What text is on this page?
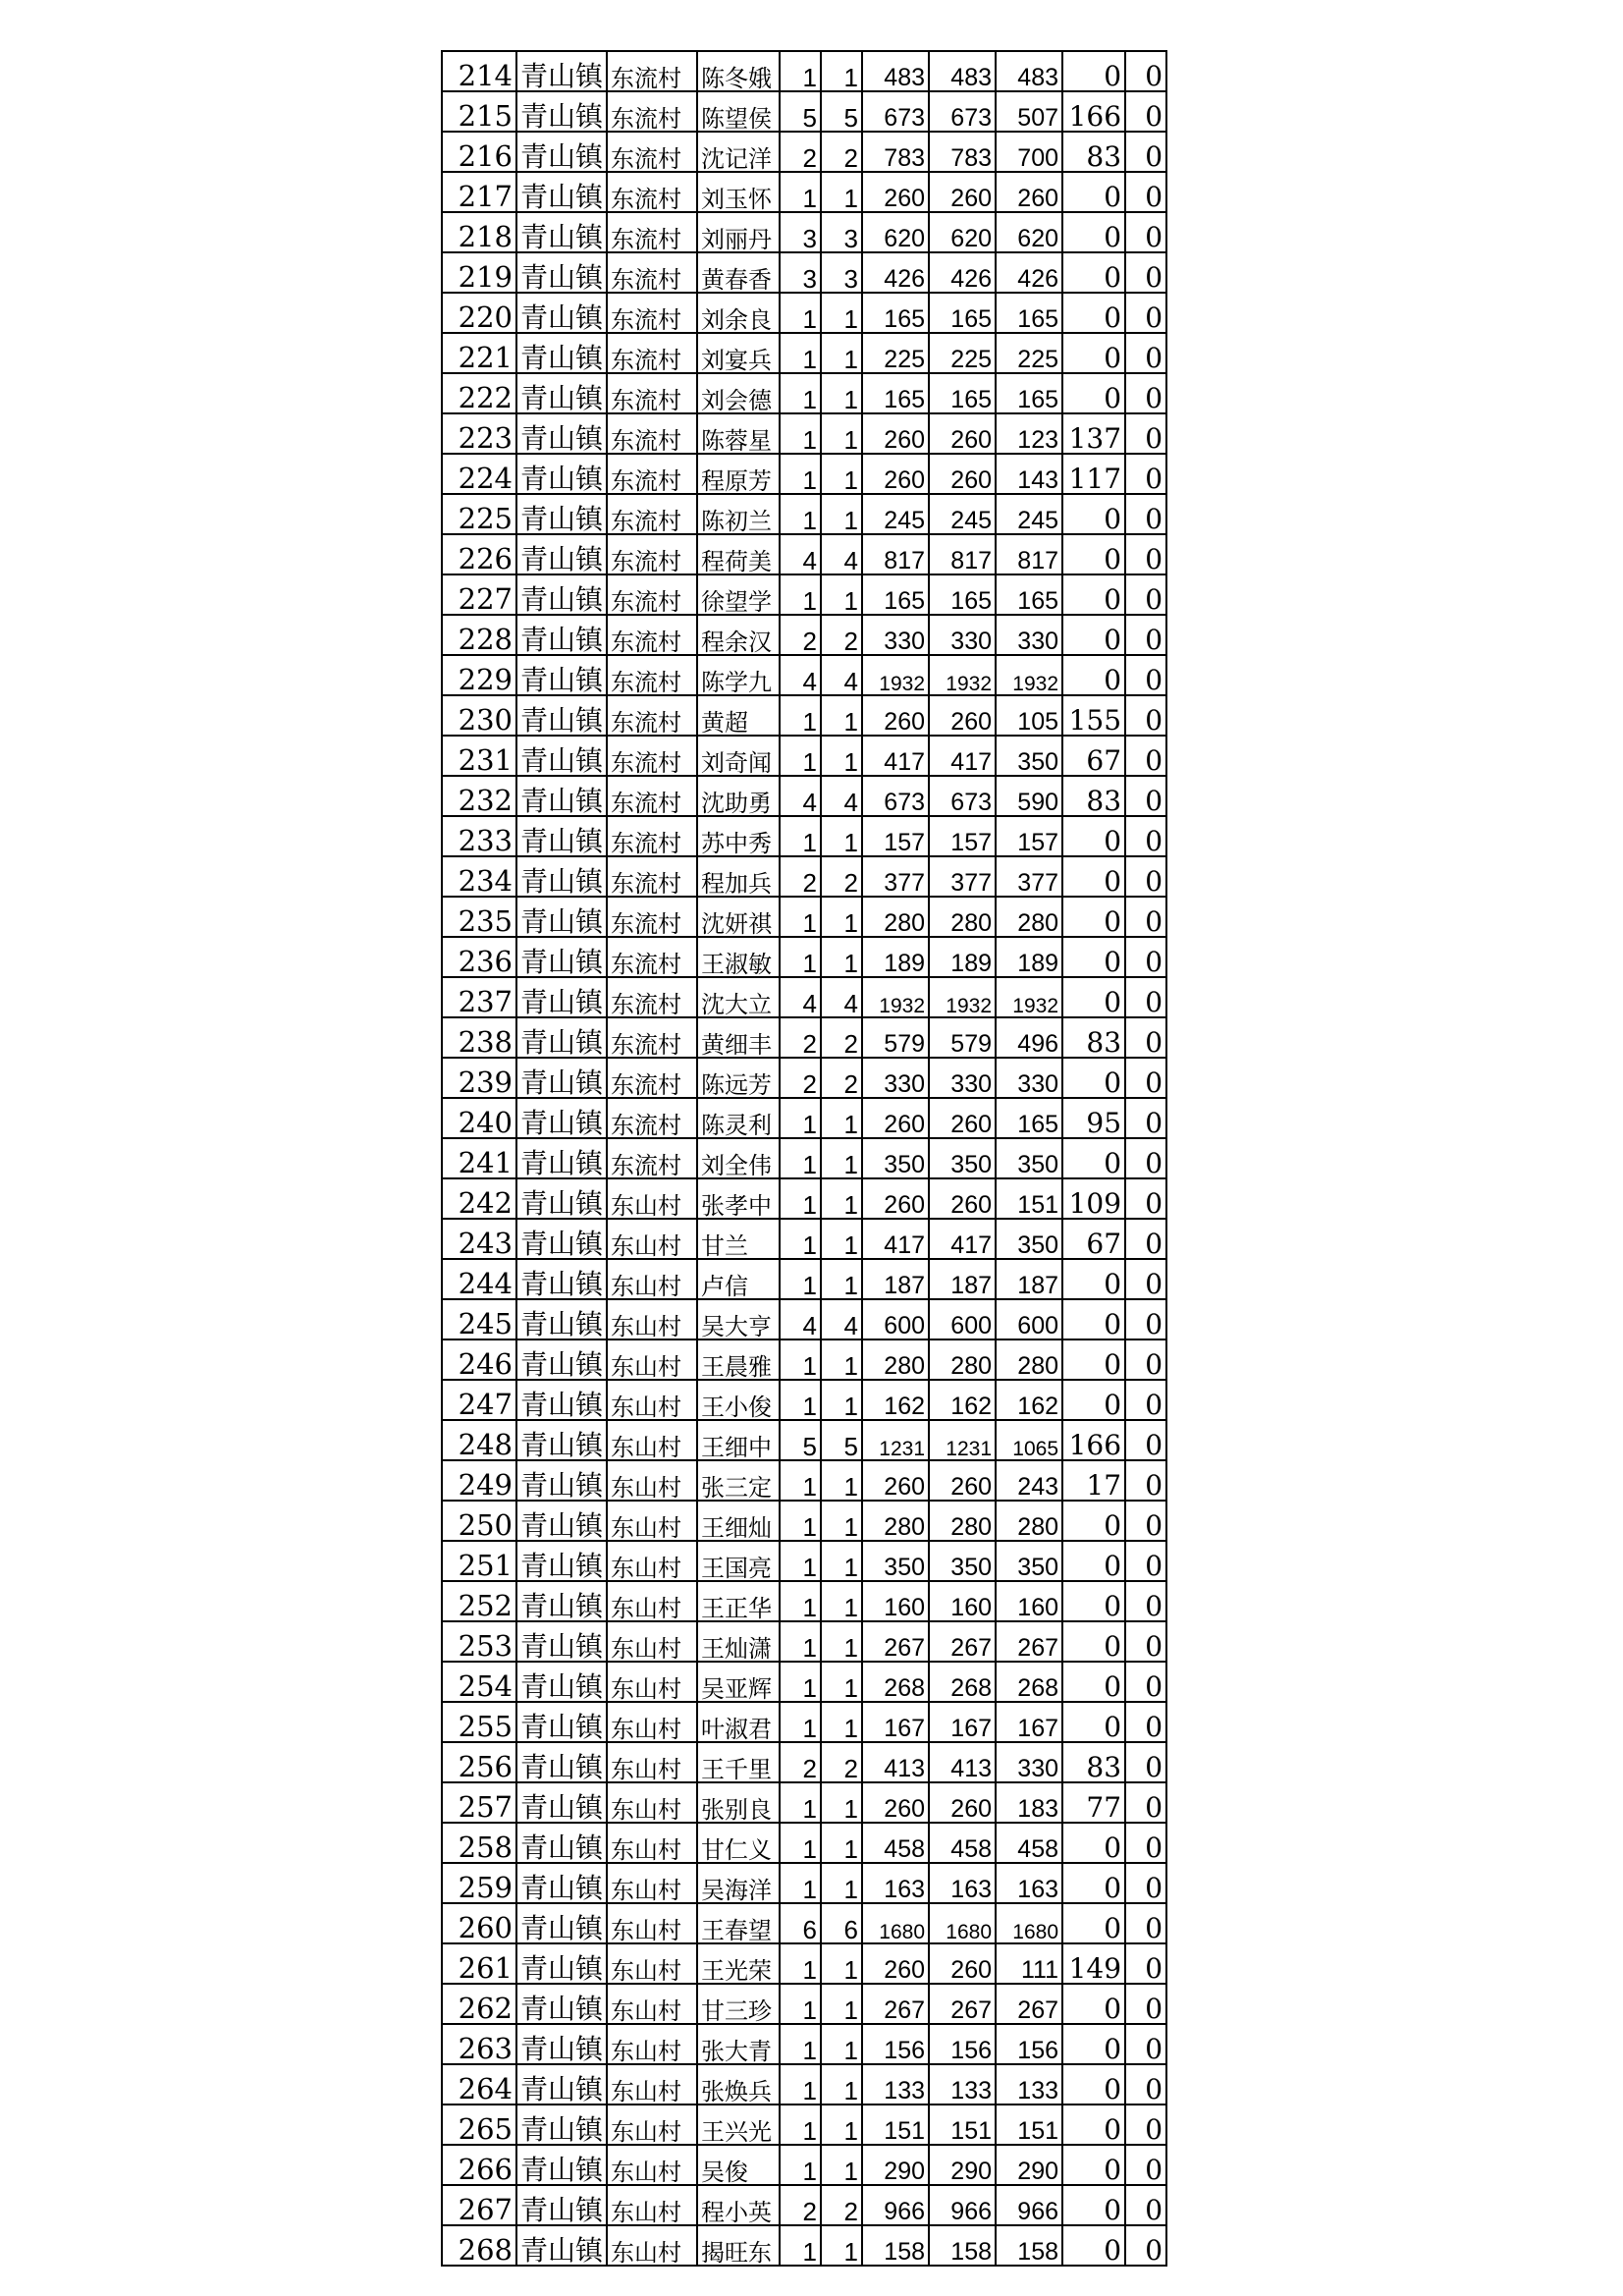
214	青山镇	东流村	陈冬娥	1	1	483	483	483	0	0
215	青山镇	东流村	陈望侯	5	5	673	673	507	166	0
216	青山镇	东流村	沈记洋	2	2	783	783	700	83	0
217	青山镇	东流村	刘玉怀	1	1	260	260	260	0	0
218	青山镇	东流村	刘丽丹	3	3	620	620	620	0	0
219	青山镇	东流村	黄春香	3	3	426	426	426	0	0
220	青山镇	东流村	刘余良	1	1	165	165	165	0	0
221	青山镇	东流村	刘宴兵	1	1	225	225	225	0	0
222	青山镇	东流村	刘会德	1	1	165	165	165	0	0
223	青山镇	东流村	陈蓉星	1	1	260	260	123	137	0
224	青山镇	东流村	程原芳	1	1	260	260	143	117	0
225	青山镇	东流村	陈初兰	1	1	245	245	245	0	0
226	青山镇	东流村	程荷美	4	4	817	817	817	0	0
227	青山镇	东流村	徐望学	1	1	165	165	165	0	0
228	青山镇	东流村	程余汉	2	2	330	330	330	0	0
229	青山镇	东流村	陈学九	4	4	1932	1932	1932	0	0
230	青山镇	东流村	黄超	1	1	260	260	105	155	0
231	青山镇	东流村	刘奇闻	1	1	417	417	350	67	0
232	青山镇	东流村	沈助勇	4	4	673	673	590	83	0
233	青山镇	东流村	苏中秀	1	1	157	157	157	0	0
234	青山镇	东流村	程加兵	2	2	377	377	377	0	0
235	青山镇	东流村	沈妍祺	1	1	280	280	280	0	0
236	青山镇	东流村	王淑敏	1	1	189	189	189	0	0
237	青山镇	东流村	沈大立	4	4	1932	1932	1932	0	0
238	青山镇	东流村	黄细丰	2	2	579	579	496	83	0
239	青山镇	东流村	陈远芳	2	2	330	330	330	0	0
240	青山镇	东流村	陈灵利	1	1	260	260	165	95	0
241	青山镇	东流村	刘全伟	1	1	350	350	350	0	0
242	青山镇	东山村	张孝中	1	1	260	260	151	109	0
243	青山镇	东山村	甘兰	1	1	417	417	350	67	0
244	青山镇	东山村	卢信	1	1	187	187	187	0	0
245	青山镇	东山村	吴大亨	4	4	600	600	600	0	0
246	青山镇	东山村	王晨雅	1	1	280	280	280	0	0
247	青山镇	东山村	王小俊	1	1	162	162	162	0	0
248	青山镇	东山村	王细中	5	5	1231	1231	1065	166	0
249	青山镇	东山村	张三定	1	1	260	260	243	17	0
250	青山镇	东山村	王细灿	1	1	280	280	280	0	0
251	青山镇	东山村	王国亮	1	1	350	350	350	0	0
252	青山镇	东山村	王正华	1	1	160	160	160	0	0
253	青山镇	东山村	王灿潇	1	1	267	267	267	0	0
254	青山镇	东山村	吴亚辉	1	1	268	268	268	0	0
255	青山镇	东山村	叶淑君	1	1	167	167	167	0	0
256	青山镇	东山村	王千里	2	2	413	413	330	83	0
257	青山镇	东山村	张别良	1	1	260	260	183	77	0
258	青山镇	东山村	甘仁义	1	1	458	458	458	0	0
259	青山镇	东山村	吴海洋	1	1	163	163	163	0	0
260	青山镇	东山村	王春望	6	6	1680	1680	1680	0	0
261	青山镇	东山村	王光荣	1	1	260	260	111	149	0
262	青山镇	东山村	甘三珍	1	1	267	267	267	0	0
263	青山镇	东山村	张大青	1	1	156	156	156	0	0
264	青山镇	东山村	张焕兵	1	1	133	133	133	0	0
265	青山镇	东山村	王兴光	1	1	151	151	151	0	0
266	青山镇	东山村	吴俊	1	1	290	290	290	0	0
267	青山镇	东山村	程小英	2	2	966	966	966	0	0
268	青山镇	东山村	揭旺东	1	1	158	158	158	0	0
